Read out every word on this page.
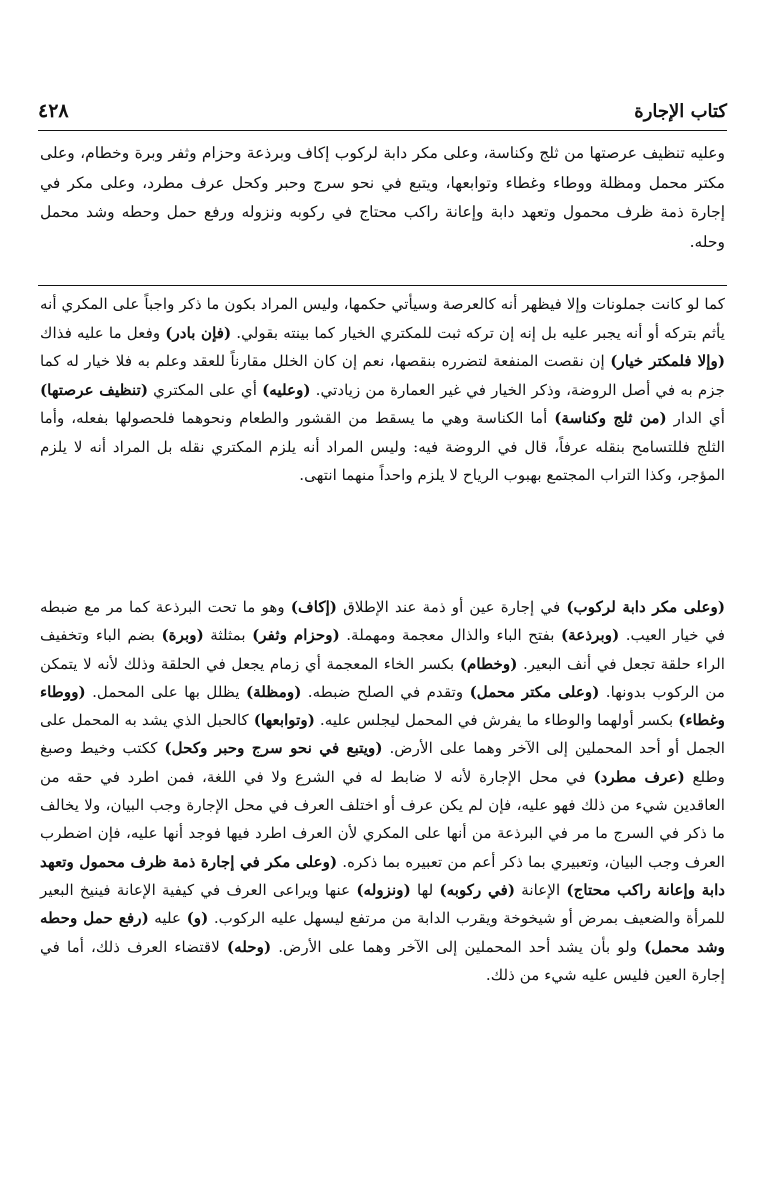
كتاب الإجارة
٤٢٨
وعليه تنظيف عرصتها من ثلج وكناسة، وعلى مكر دابة لركوب إكاف وبرذعة وحزام وثفر وبرة وخطام، وعلى مكتر محمل ومظلة ووطاء وغطاء وتوابعها، ويتبع في نحو سرج وحبر وكحل عرف مطرد، وعلى مكر في إجارة ذمة ظرف محمول وتعهد دابة وإعانة راكب محتاج في ركوبه ونزوله ورفع حمل وحطه وشد محمل وحله.
كما لو كانت جملونات وإلا فيظهر أنه كالعرصة وسيأتي حكمها، وليس المراد بكون ما ذكر واجباً على المكري أنه يأثم بتركه أو أنه يجبر عليه بل إنه إن تركه ثبت للمكتري الخيار كما بينته بقولي. (فإن بادر) وفعل ما عليه فذاك (وإلا فلمكتر خيار) إن نقصت المنفعة لتضرره بنقصها، نعم إن كان الخلل مقارناً للعقد وعلم به فلا خيار له كما جزم به في أصل الروضة، وذكر الخيار في غير العمارة من زيادتي. (وعليه) أي على المكتري (تنظيف عرصتها) أي الدار (من ثلج وكناسة) أما الكناسة وهي ما يسقط من القشور والطعام ونحوهما فلحصولها بفعله، وأما الثلج فللتسامح بنقله عرفاً، قال في الروضة فيه: وليس المراد أنه يلزم المكتري نقله بل المراد أنه لا يلزم المؤجر، وكذا التراب المجتمع بهبوب الرياح لا يلزم واحداً منهما انتهى.
(وعلى مكر دابة لركوب) في إجارة عين أو ذمة عند الإطلاق (إكاف) وهو ما تحت البرذعة كما مر مع ضبطه في خيار العيب. (وبرذعة) بفتح الباء والذال معجمة ومهملة. (وحزام وثفر) بمثلثة (وبرة) بضم الباء وتخفيف الراء حلقة تجعل في أنف البعير. (وخطام) بكسر الخاء المعجمة أي زمام يجعل في الحلقة وذلك لأنه لا يتمكن من الركوب بدونها. (وعلى مكتر محمل) وتقدم في الصلح ضبطه. (ومظلة) يظلل بها على المحمل. (ووطاء وغطاء) بكسر أولهما والوطاء ما يفرش في المحمل ليجلس عليه. (وتوابعها) كالحبل الذي يشد به المحمل على الجمل أو أحد المحملين إلى الآخر وهما على الأرض. (ويتبع في نحو سرج وحبر وكحل) ككتب وخيط وصبغ وطلع (عرف مطرد) في محل الإجارة لأنه لا ضابط له في الشرع ولا في اللغة، فمن اطرد في حقه من العاقدين شيء من ذلك فهو عليه، فإن لم يكن عرف أو اختلف العرف في محل الإجارة وجب البيان، ولا يخالف ما ذكر في السرج ما مر في البرذعة من أنها على المكري لأن العرف اطرد فيها فوجد أنها عليه، فإن اضطرب العرف وجب البيان، وتعبيري بما ذكر أعم من تعبيره بما ذكره. (وعلى مكر في إجارة ذمة ظرف محمول وتعهد دابة وإعانة راكب محتاج) الإعانة (في ركوبه) لها (ونزوله) عنها ويراعى العرف في كيفية الإعانة فينيخ البعير للمرأة والضعيف بمرض أو شيخوخة ويقرب الدابة من مرتفع ليسهل عليه الركوب. (و) عليه (رفع حمل وحطه وشد محمل) ولو بأن يشد أحد المحملين إلى الآخر وهما على الأرض. (وحله) لاقتضاء العرف ذلك، أما في إجارة العين فليس عليه شيء من ذلك.
